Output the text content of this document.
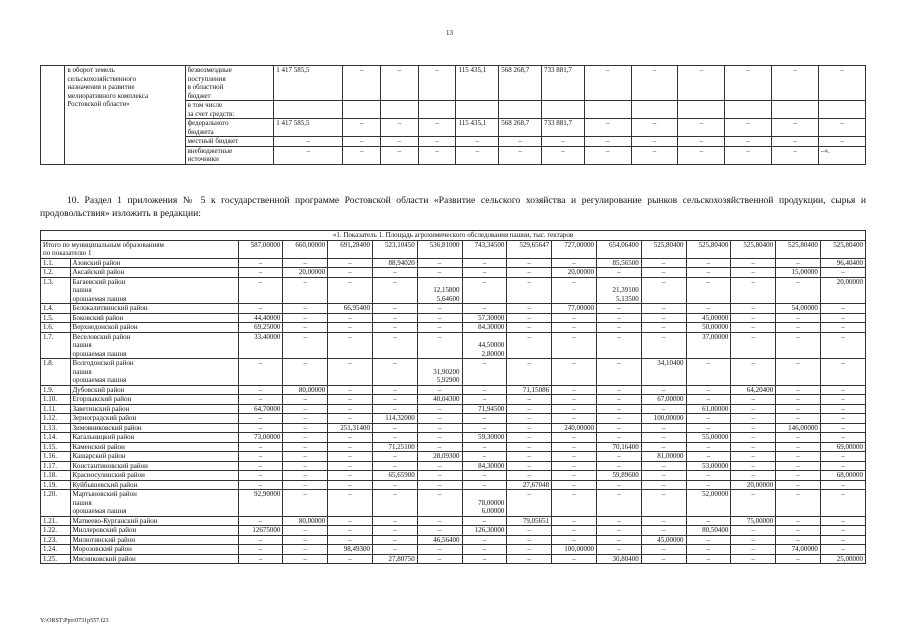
13
	в оборот земель
сельскохозяйственного
назначения и развитие
мелиоративного комплекса
Ростовской области»	безвозмездные
поступления
в областной
бюджет	1 417 585,5	–	–	–	115 435,1	568 268,7	733 881,7	–	–	–	–	–	–
		в том числе
за счет средств:													
		федерального
бюджета	1 417 585,5	–	–	–	115 435,1	568 268,7	733 881,7	–	–	–	–	–	–
		местный бюджет	–	–	–	–	–	–	–	–	–	–	–	–	–
		внебюджетные
источники	–	–	–	–	–	–	–	–	–	–	–	–	–».
10. Раздел 1 приложения № 5 к государственной программе Ростовской области «Развитие сельского хозяйства и регулирование рынков сельскохозяйственной продукции, сырья и продовольствия» изложить в редакции:
«1. Показатель 1. Площадь агрохимического обследования пашни, тыс. гектаров															
Итого по муниципальным образованиям
по показателю 1		587,00000	660,00000	691,28400	523,10450	536,81000	743,34500	529,65647	727,00000	654,06400	525,80400	525,80400	525,80400	525,80400	525,80400
1.1.	Азовский район	–	–	–	88,94020	–	–	–	–	85,56500	–	–	–	–	96,40400
1.2.	Аксайский район	–	20,00000	–	–	–	–	–	20,00000	–	–	–	–	15,00000	–
1.3.	Багаевский район
пашня
орошаемая пашня	–	–	–	–	
12,15800
5,64600	–	–	–	
21,39100
5,13500	–	–	–	–	20,00000
1.4.	Белокалитвинский район	–	–	66,95400	–	–	–	–	77,00000	–	–	–	–	54,00000	–
1.5.	Боковский район	44,40000	–	–	–	–	57,30000	–	–	–	–	45,00000	–	–	–
1.6.	Верхнедонской район	69,25000	–	–	–	–	84,30000	–	–	–	–	50,00000	–	–	–
1.7.	Веселовский район
пашня
орошаемая пашня	33,40000	–	–	–	–	
44,50000
2,80000	–	–	–	–	37,00000	–	–	–
1.8.	Волгодонской район
пашня
орошаемая пашня	–	–	–	–	
31,90200
5,92900	–	–	–	–	34,10400	–	–	–	–
1.9.	Дубовский район	–	80,00000	–	–	–	–	71,15086	–	–	–	–	64,20400	–	–
1.10.	Егорлыкский район	–	–	–	–	40,04300	–	–	–	–	67,00000	–	–	–	–
1.11.	Заветинский район	64,70000	–	–	–	–	71,94500	–	–	–	–	61,00000	–	–	–
1.12.	Зерноградский район	–	–	–	114,32000	–	–	–	–	–	100,00000	–	–	–	–
1.13.	Зимовниковский район	–	–	251,31400	–	–	–	–	240,00000	–	–	–	–	146,00000	–
1.14.	Кагальницкий район	73,00000	–	–	–	–	59,30000	–	–	–	–	55,00000	–	–	–
1.15.	Каменский район	–	–	–	71,25100	–	–	–	–	70,16400	–	–	–	–	69,00000
1.16.	Кашарский район	–	–	–	–	28,09300	–	–	–	–	81,00000	–	–	–	–
1.17.	Константиновский район	–	–	–	–	–	84,30000	–	–	–	–	53,00000	–	–	–
1.18.	Красносулинский район	–	–	–	65,65900	–	–	–	–	59,89600	–	–	–	–	68,00000
1.19.	Куйбышевский район	–	–	–	–	–	–	27,67048	–	–	–	–	20,00000	–	–
1.20.	Мартыновский район
пашня
орошаемая пашня	92,90000	–	–	–	–	
78,00000
6,00000	–	–	–	–	52,00000	–	–	–
1.21.	Матвеево-Курганский район	–	80,00000	–	–	–	–	79,05651	–	–	–	–	75,00000	–	–
1.22.	Миллеровский район	12675000	–	–	–	–	126,30000	–	–	–	–	80,50400	–	–	–
1.23.	Милютинский район	–	–	–	–	46,56400	–	–	–	–	45,00000	–	–	–	–
1.24.	Морозовский район	–	–	98,49300	–	–	–	–	100,00000	–	–	–	–	74,00000	–
1.25.	Мясниковский район	–	–	–	27,80750	–	–	–	–	30,80400	–	–	–	–	25,00000
Y:\ORST\Ppo\0731p557.f23
